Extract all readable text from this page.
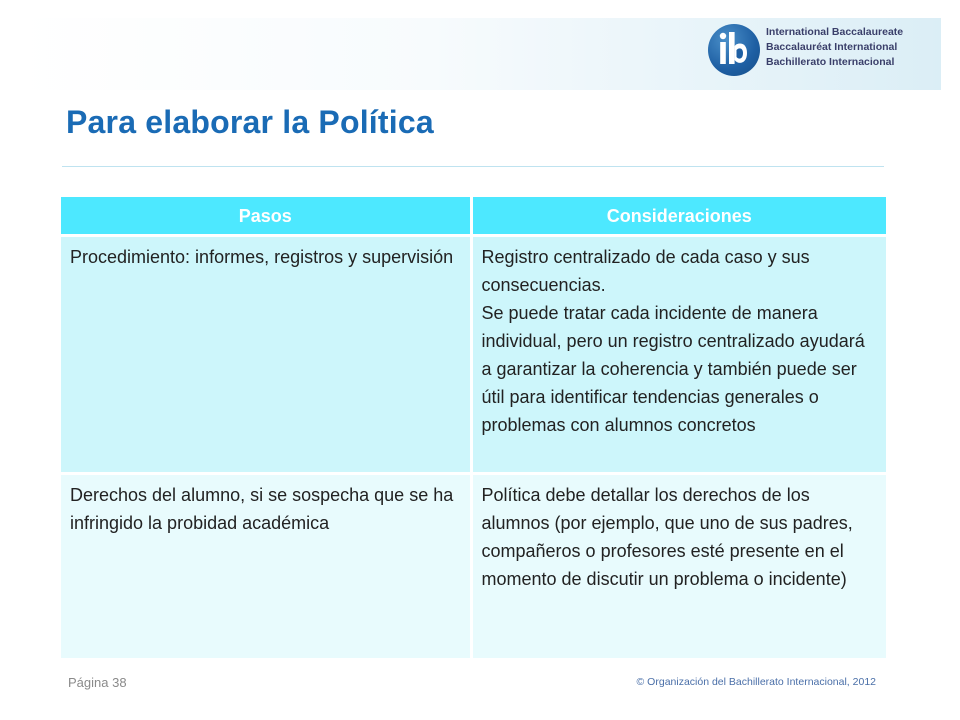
International Baccalaureate
Baccalauréat International
Bachillerato Internacional
Para elaborar la Política
Pasos	Consideraciones

Procedimiento: informes, registros y supervisión	Registro centralizado de cada caso y sus consecuencias.
Se puede tratar cada incidente de manera individual, pero un registro centralizado ayudará a garantizar la coherencia y también puede ser útil para identificar tendencias generales o problemas con alumnos concretos

Derechos del alumno, si se sospecha que se ha infringido la probidad académica	Política debe detallar los derechos de los alumnos (por ejemplo, que uno de sus padres, compañeros o profesores esté presente en el momento de discutir un problema o incidente)
Página 38	© Organización del Bachillerato Internacional, 2012
